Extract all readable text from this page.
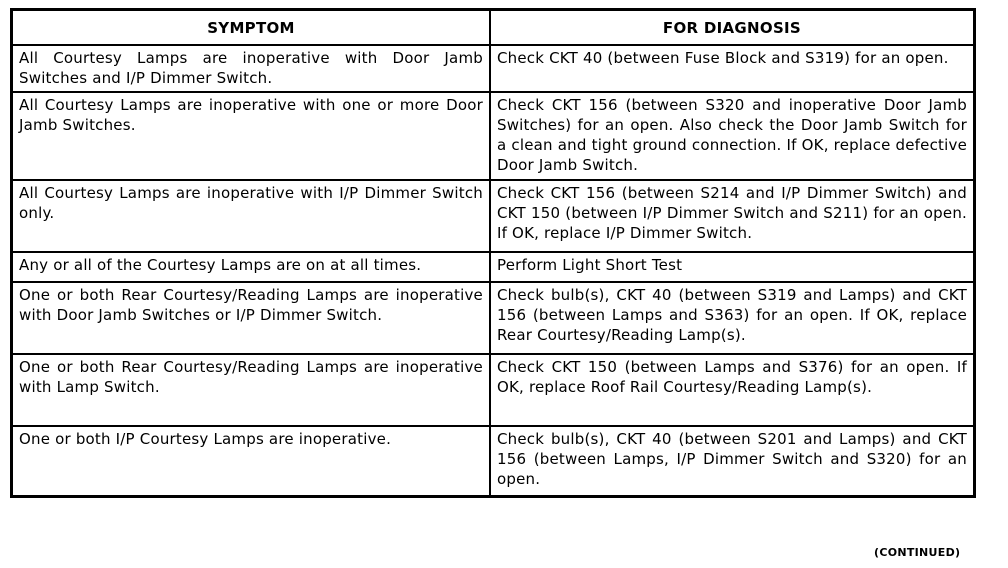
SYMPTOM	FOR DIAGNOSIS
All Courtesy Lamps are inoperative with Door Jamb Switches and I/P Dimmer Switch.	Check CKT 40 (between Fuse Block and S319) for an open.
All Courtesy Lamps are inoperative with one or more Door Jamb Switches.	Check CKT 156 (between S320 and inoperative Door Jamb Switches) for an open. Also check the Door Jamb Switch for a clean and tight ground connection. If OK, replace defective Door Jamb Switch.
All Courtesy Lamps are inoperative with I/P Dimmer Switch only.	Check CKT 156 (between S214 and I/P Dimmer Switch) and CKT 150 (between I/P Dimmer Switch and S211) for an open. If OK, replace I/P Dimmer Switch.
Any or all of the Courtesy Lamps are on at all times.	Perform Light Short Test
One or both Rear Courtesy/Reading Lamps are inoperative with Door Jamb Switches or I/P Dimmer Switch.	Check bulb(s), CKT 40 (between S319 and Lamps) and CKT 156 (between Lamps and S363) for an open. If OK, replace Rear Courtesy/Reading Lamp(s).
One or both Rear Courtesy/Reading Lamps are inoperative with Lamp Switch.	Check CKT 150 (between Lamps and S376) for an open. If OK, replace Roof Rail Courtesy/Reading Lamp(s).
One or both I/P Courtesy Lamps are inoperative.	Check bulb(s), CKT 40 (between S201 and Lamps) and CKT 156 (between Lamps, I/P Dimmer Switch and S320) for an open.
(CONTINUED)
